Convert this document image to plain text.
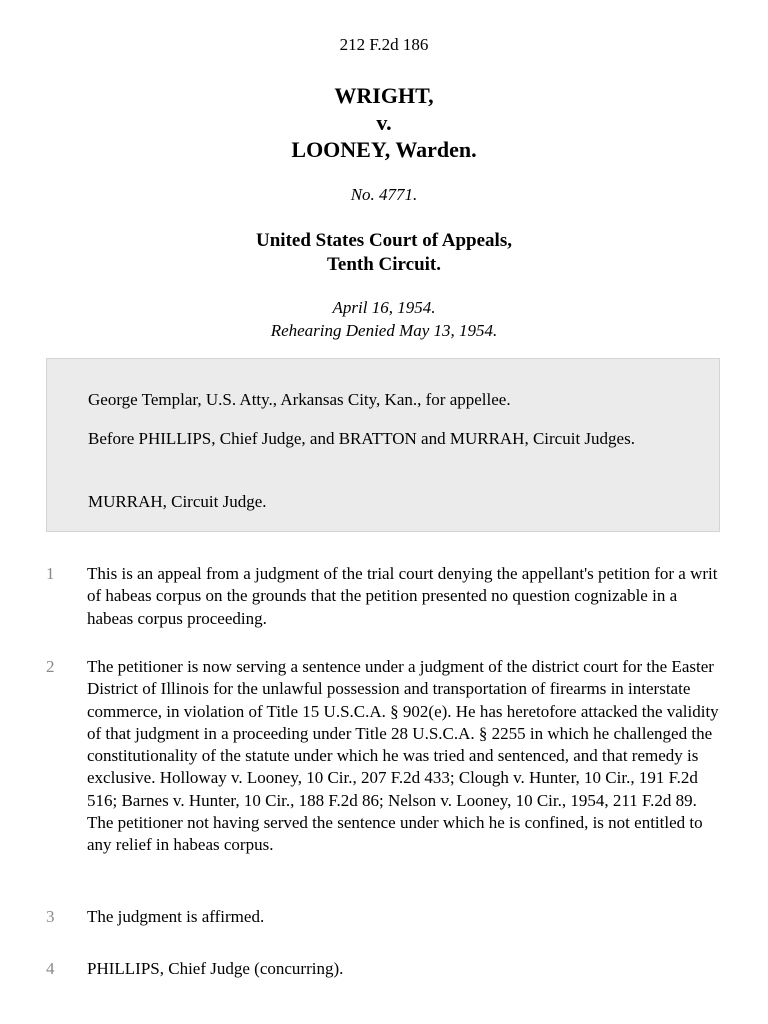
212 F.2d 186
WRIGHT,
v.
LOONEY, Warden.
No. 4771.
United States Court of Appeals,
Tenth Circuit.
April 16, 1954.
Rehearing Denied May 13, 1954.

George Templar, U.S. Atty., Arkansas City, Kan., for appellee.

Before PHILLIPS, Chief Judge, and BRATTON and MURRAH, Circuit Judges.

MURRAH, Circuit Judge.

1 This is an appeal from a judgment of the trial court denying the appellant's petition for a writ of habeas corpus on the grounds that the petition presented no question cognizable in a habeas corpus proceeding.
2 The petitioner is now serving a sentence under a judgment of the district court for the Easter District of Illinois for the unlawful possession and transportation of firearms in interstate commerce, in violation of Title 15 U.S.C.A. § 902(e). He has heretofore attacked the validity of that judgment in a proceeding under Title 28 U.S.C.A. § 2255 in which he challenged the constitutionality of the statute under which he was tried and sentenced, and that remedy is exclusive. Holloway v. Looney, 10 Cir., 207 F.2d 433; Clough v. Hunter, 10 Cir., 191 F.2d 516; Barnes v. Hunter, 10 Cir., 188 F.2d 86; Nelson v. Looney, 10 Cir., 1954, 211 F.2d 89. The petitioner not having served the sentence under which he is confined, is not entitled to any relief in habeas corpus.
3 The judgment is affirmed.
4 PHILLIPS, Chief Judge (concurring).
